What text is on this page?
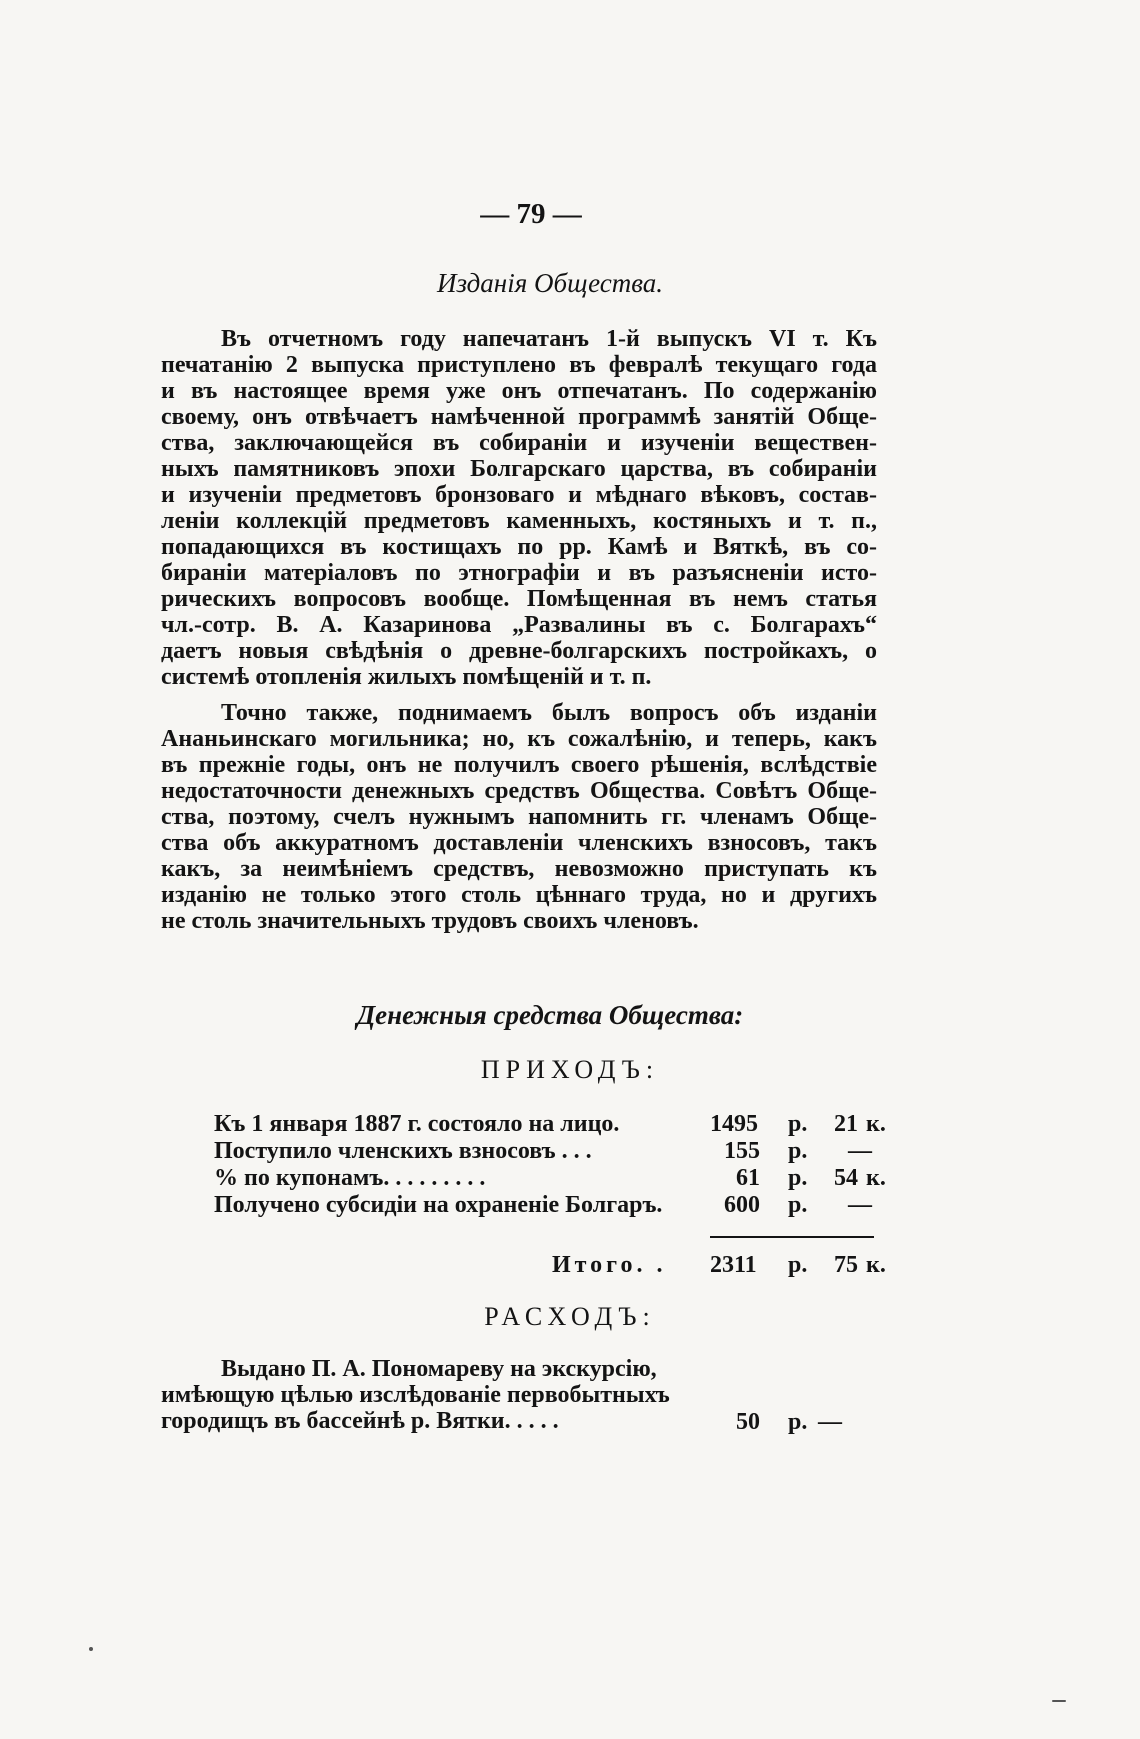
— 79 —
Изданія Общества.
Въ отчетномъ году напечатанъ 1-й выпускъ VI т. Къ
печатанію 2 выпуска приступлено въ февралѣ текущаго года
и въ настоящее время уже онъ отпечатанъ. По содержанію
своему, онъ отвѣчаетъ намѣченной программѣ занятій Обще-
ства, заключающейся въ собираніи и изученіи веществен-
ныхъ памятниковъ эпохи Болгарскаго царства, въ собираніи
и изученіи предметовъ бронзоваго и мѣднаго вѣковъ, состав-
леніи коллекцій предметовъ каменныхъ, костяныхъ и т. п.,
попадающихся въ костищахъ по рр. Камѣ и Вяткѣ, въ со-
бираніи матеріаловъ по этнографіи и въ разъясненіи исто-
рическихъ вопросовъ вообще. Помѣщенная въ немъ статья
чл.-сотр. В. А. Казаринова „Развалины въ с. Болгарахъ“
даетъ новыя свѣдѣнія о древне-болгарскихъ постройкахъ, о
системѣ отопленія жилыхъ помѣщеній и т. п.
Точно также, поднимаемъ былъ вопросъ объ изданіи
Ананьинскаго могильника; но, къ сожалѣнію, и теперь, какъ
въ прежніе годы, онъ не получилъ своего рѣшенія, вслѣдствіе
недостаточности денежныхъ средствъ Общества. Совѣтъ Обще-
ства, поэтому, счелъ нужнымъ напомнить гг. членамъ Обще-
ства объ аккуратномъ доставленіи членскихъ взносовъ, такъ
какъ, за неимѣніемъ средствъ, невозможно приступать къ
изданію не только этого столь цѣннаго труда, но и другихъ
не столь значительныхъ трудовъ своихъ членовъ.
Денежныя средства Общества:
ПРИХОДЪ:
Къ 1 января 1887 г. состояло на лицо.	1495 р. 21 к.
Поступило членскихъ взносовъ . . .	155 р. —
% по купонамъ. . . . . . . . .	61 р. 54 к.
Получено субсидіи на охраненіе Болгаръ.	600 р. —
Итого. . 2311 р. 75 к.
РАСХОДЪ:
Выдано П. А. Пономареву на экскурсію,
имѣющую цѣлью изслѣдованіе первобытныхъ
городищъ въ бассейнѣ р. Вятки. . . . .	50 р. —
